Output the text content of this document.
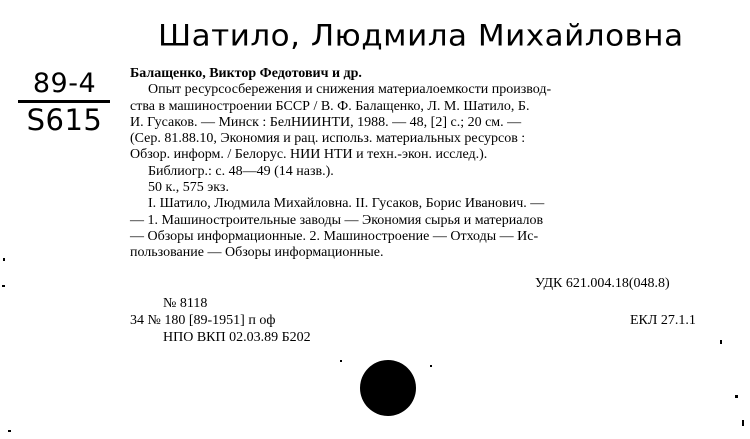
Шатило, Людмила Михайловна
89-4
S615
Балащенко, Виктор Федотович и др.
Опыт ресурсосбережения и снижения материалоемкости производ-
ства в машиностроении БССР / В. Ф. Балащенко, Л. М. Шатило, Б.
И. Гусаков. — Минск : БелНИИНТИ, 1988. — 48, [2] с.; 20 см. —
(Сер. 81.88.10, Экономия и рац. использ. материальных ресурсов :
Обзор. информ. / Белорус. НИИ НТИ и техн.-экон. исслед.).
Библиогр.: с. 48—49 (14 назв.).
50 к., 575 экз.
I. Шатило, Людмила Михайловна. II. Гусаков, Борис Иванович. —
— 1. Машиностроительные заводы — Экономия сырья и материалов
— Обзоры информационные. 2. Машиностроение — Отходы — Ис-
пользование — Обзоры информационные.
УДК 621.004.18(048.8)
№ 8118
34 № 180 [89-1951] п оф	ЕКЛ 27.1.1
НПО ВКП 02.03.89 Б202
